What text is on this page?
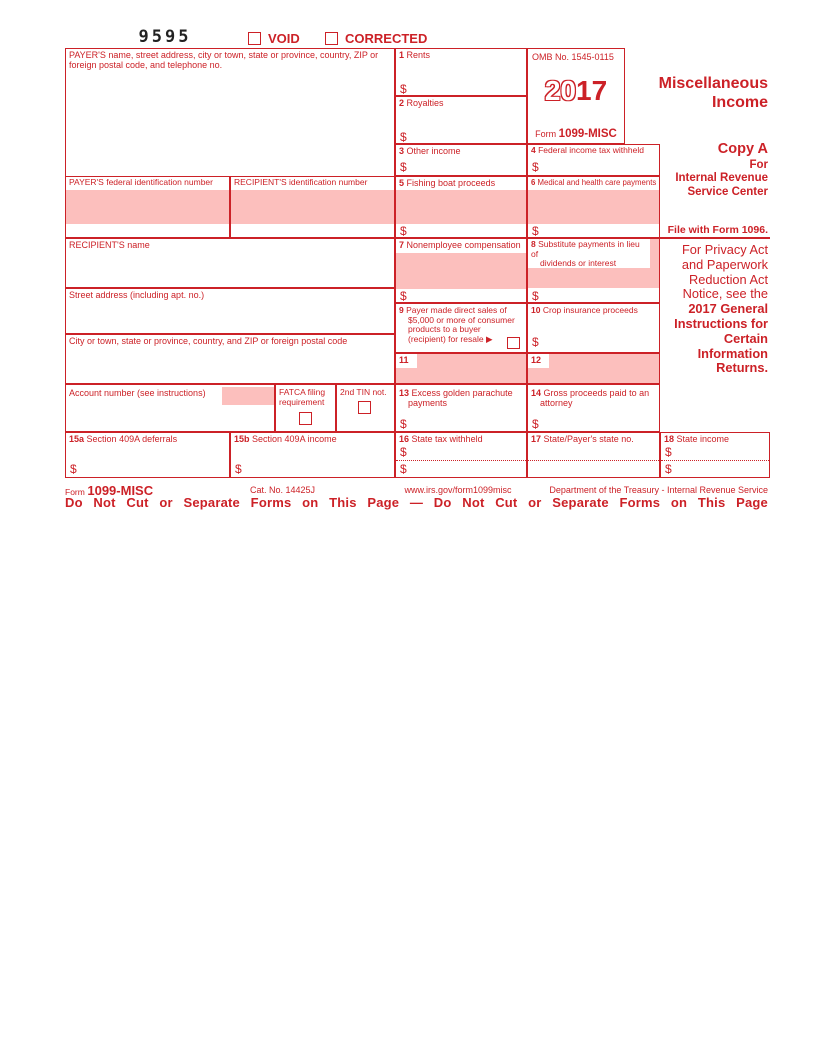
9595	VOID	CORRECTED
PAYER'S name, street address, city or town, state or province, country, ZIP or foreign postal code, and telephone no.
1 Rents
$
2 Royalties
$
OMB No. 1545-0115
2017
Form 1099-MISC
Miscellaneous
Income
3 Other income
$
4 Federal income tax withheld
$
PAYER'S federal identification number	RECIPIENT'S identification number	5 Fishing boat proceeds
$
6 Medical and health care payments
$
RECIPIENT'S name	7 Nonemployee compensation
$
8 Substitute payments in lieu of
dividends or interest
$
Street address (including apt. no.)
9 Payer made direct sales of
$5,000 or more of consumer
products to a buyer
(recipient) for resale ▶
10 Crop insurance proceeds
$
City or town, state or province, country, and ZIP or foreign postal code
11	12
Account number (see instructions)	FATCA filing
requirement
2nd TIN not.	13 Excess golden parachute
payments
$
14 Gross proceeds paid to an
attorney
$
15a Section 409A deferrals
$
15b Section 409A income
$
16 State tax withheld
$
$
17 State/Payer's state no.	18 State income
$
$
Copy A
For
Internal Revenue
Service Center
File with Form 1096.
For Privacy Act
and Paperwork
Reduction Act
Notice, see the
2017 General
Instructions for
Certain
Information
Returns.
Form 1099-MISC	Cat. No. 14425J	www.irs.gov/form1099misc	Department of the Treasury - Internal Revenue Service
Do Not Cut or Separate Forms on This Page — Do Not Cut or Separate Forms on This Page
